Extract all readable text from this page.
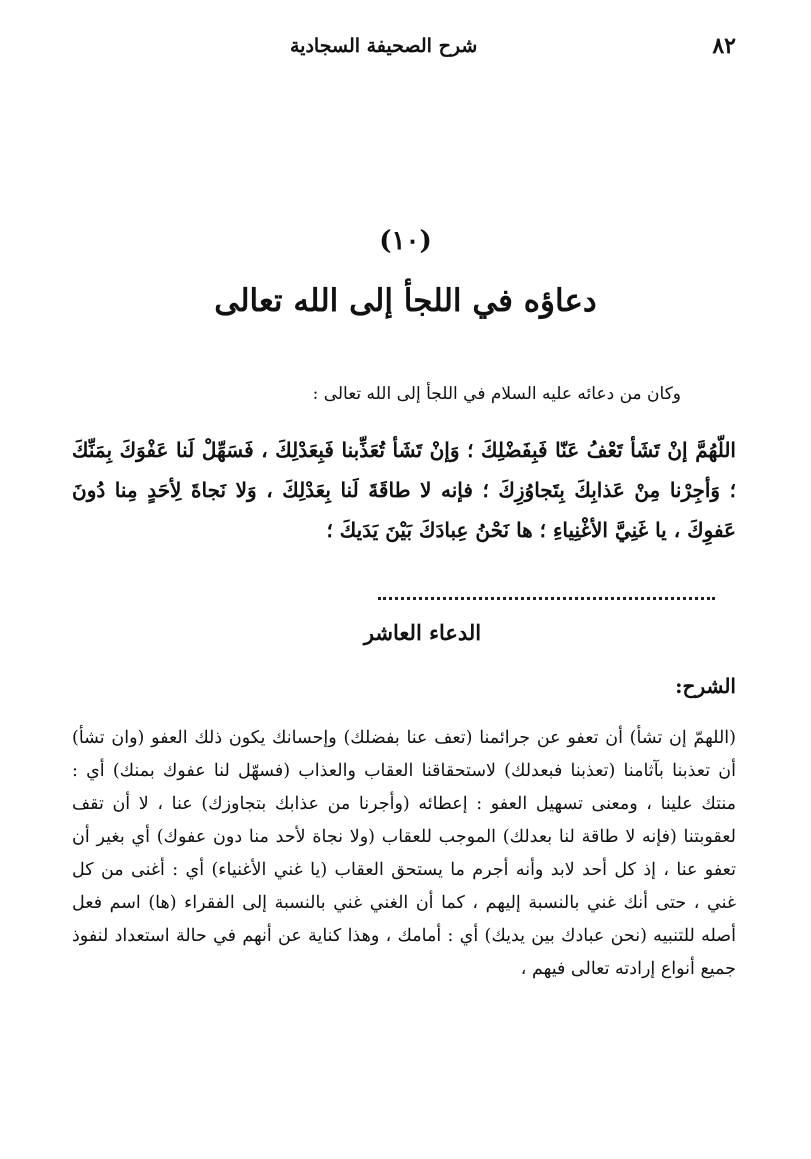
٨٢
شرح الصحيفة السجادية
(١٠)
دعاؤه في اللجأ إلى الله تعالى
وكان من دعائه عليه السلام في اللجأ إلى الله تعالى :
اللّهُمَّ إنْ تَشَأ تَعْفُ عَنّا فَبِفَضْلِكَ ؛ وَإنْ تَشَأ تُعَذِّبنا فَبِعَدْلِكَ ، فَسَهِّلْ لَنا عَفْوَكَ بِمَنِّكَ ؛ وَأجِرْنا مِنْ عَذابِكَ بِتَجاوُزِكَ ؛ فإنه لا طاقَةَ لَنا بِعَدْلِكَ ، وَلا نَجاةَ لِأحَدٍ مِنا دُونَ عَفوِكَ ، يا غَنِيَّ الأغْنِياءِ ؛ ها نَحْنُ عِبادَكَ بَيْنَ يَدَيكَ ؛
الدعاء العاشر
الشرح:
(اللهمّ إن تشأ) أن تعفو عن جرائمنا (تعف عنا بفضلك) وإحسانك يكون ذلك العفو (وان تشأ) أن تعذبنا بآثامنا (تعذبنا فبعدلك) لاستحقاقنا العقاب والعذاب (فسهّل لنا عفوك بمنك) أي : منتك علينا ، ومعنى تسهيل العفو : إعطائه (وأجرنا من عذابك بتجاوزك) عنا ، لا أن تقف لعقوبتنا (فإنه لا طاقة لنا بعدلك) الموجب للعقاب (ولا نجاة لأحد منا دون عفوك) أي بغير أن تعفو عنا ، إذ كل أحد لابد وأنه أجرم ما يستحق العقاب (يا غني الأغنياء) أي : أغنى من كل غني ، حتى أنك غني بالنسبة إليهم ، كما أن الغني غني بالنسبة إلى الفقراء (ها) اسم فعل أصله للتنبيه (نحن عبادك بين يديك) أي : أمامك ، وهذا كناية عن أنهم في حالة استعداد لنفوذ جميع أنواع إرادته تعالى فيهم ،
